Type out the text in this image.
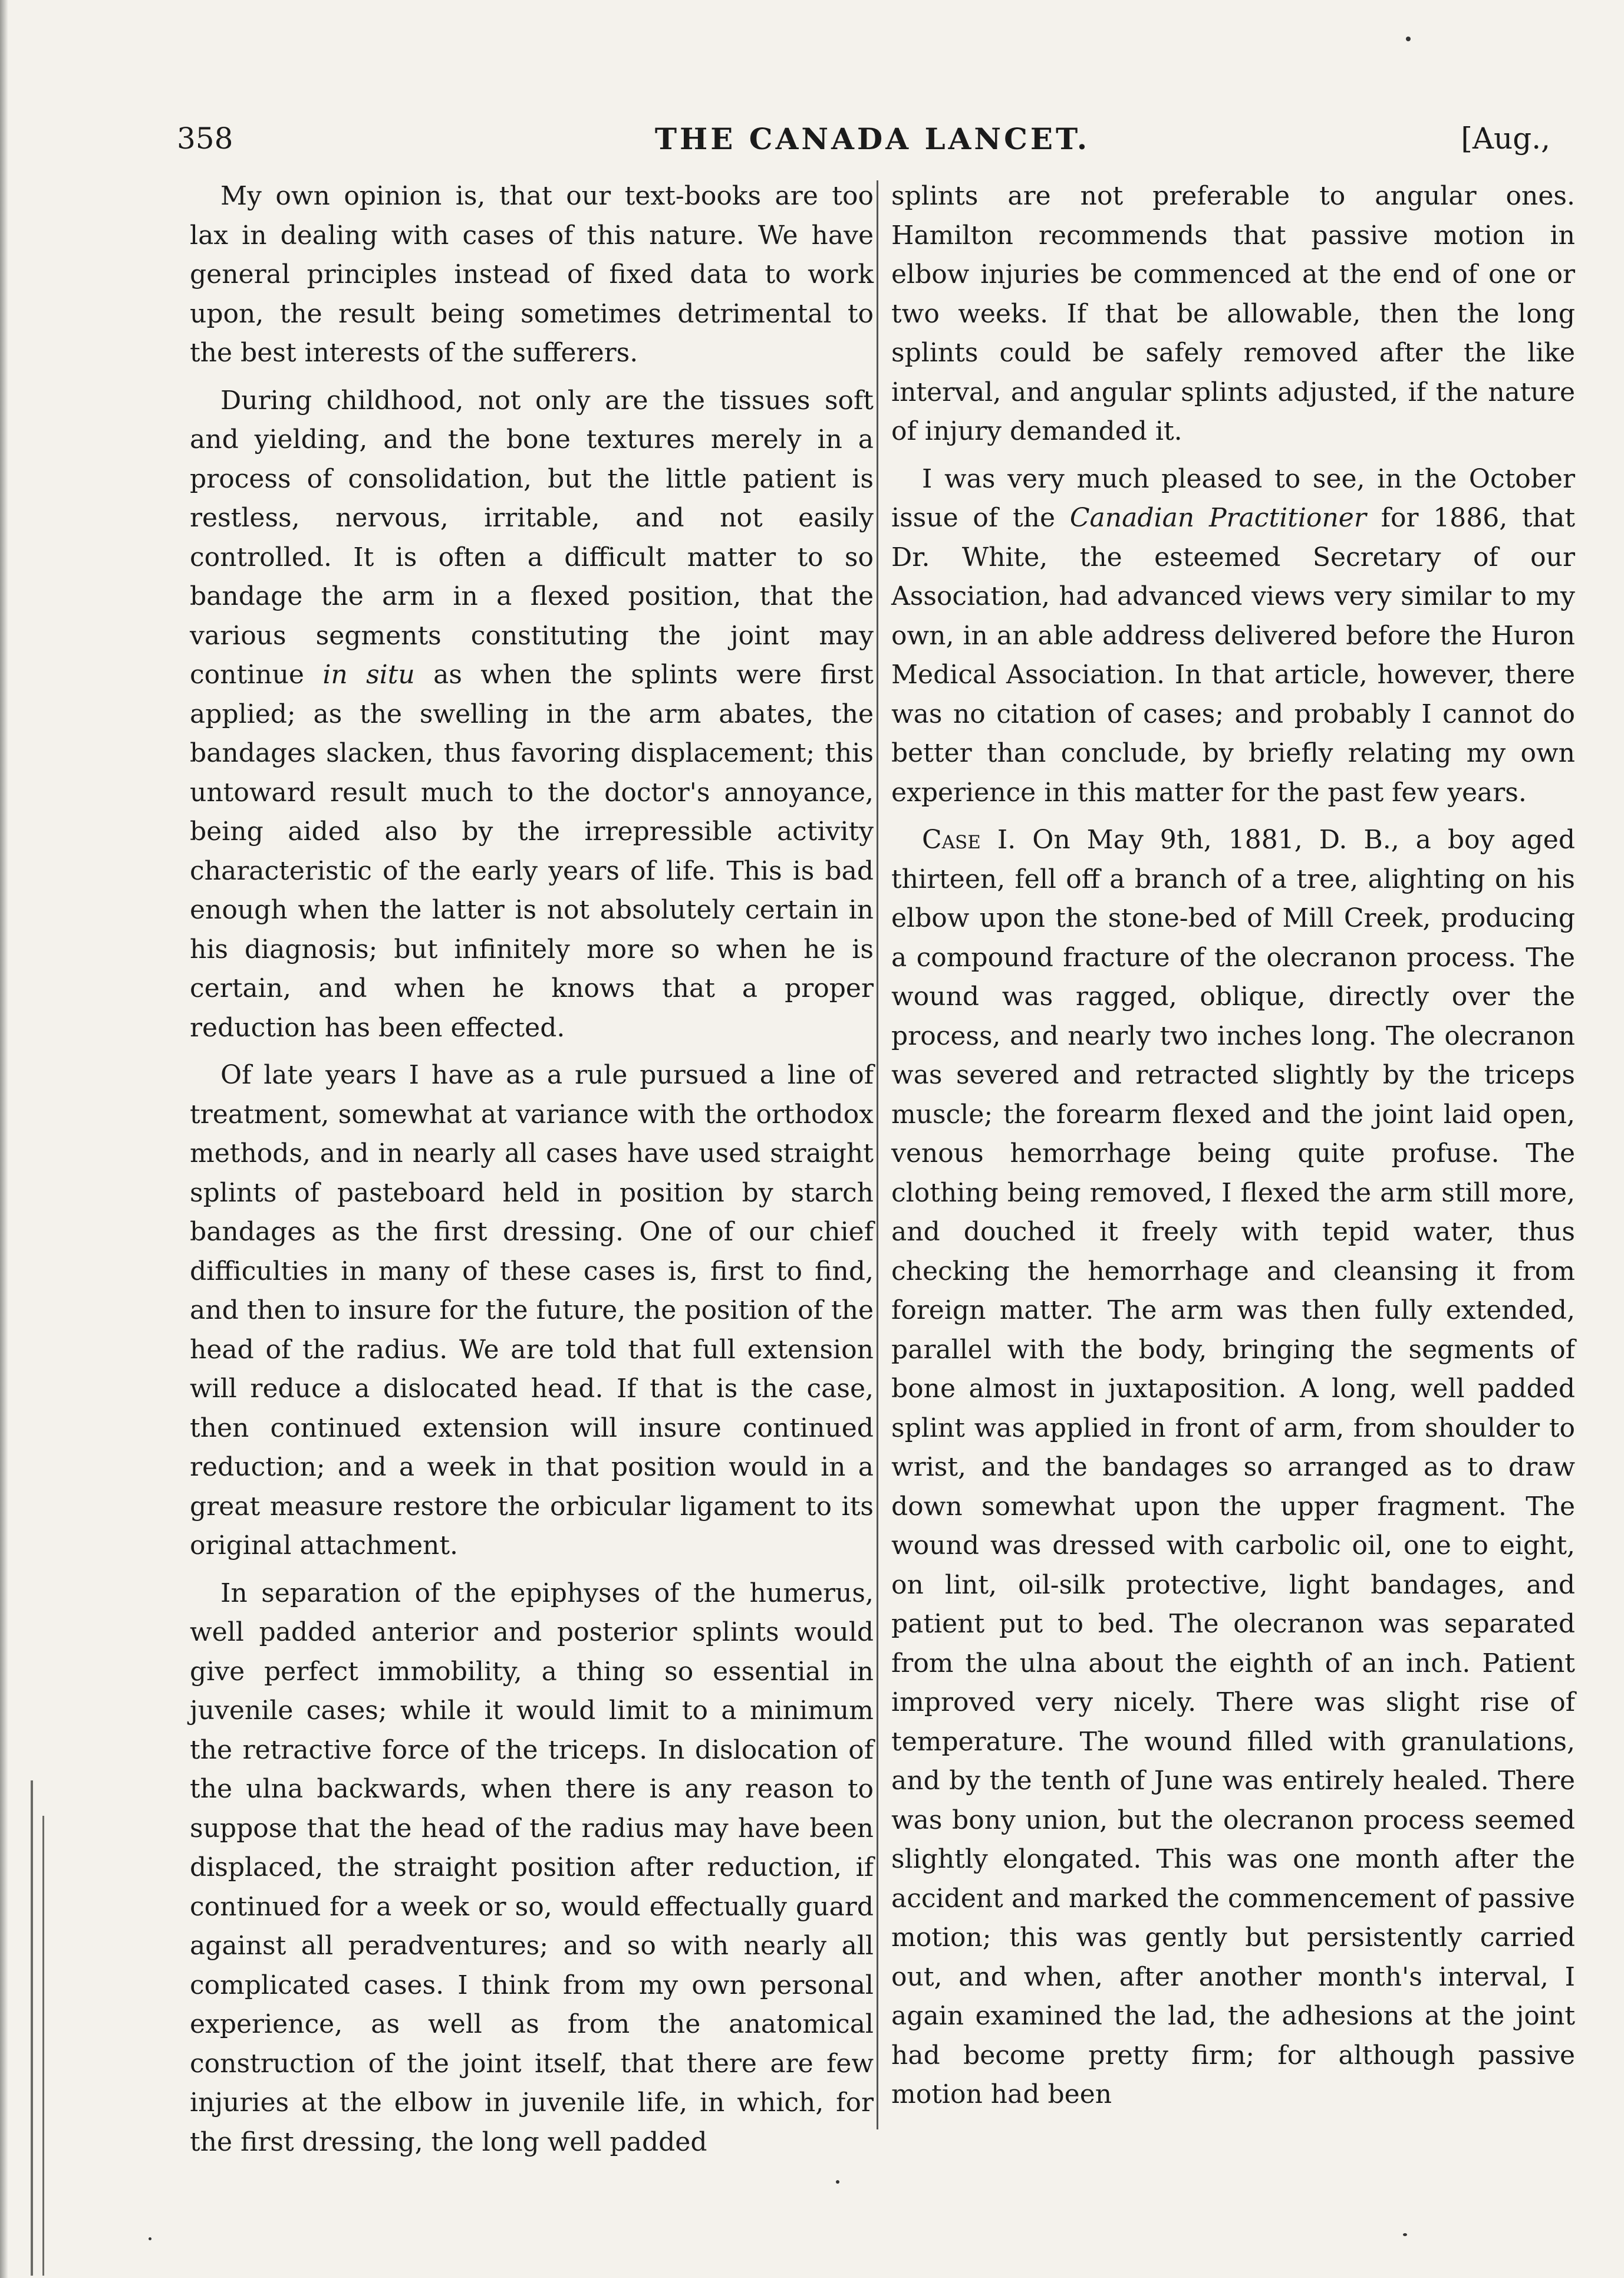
358	THE CANADA LANCET.	[Aug.,

My own opinion is, that our text-books are too lax in dealing with cases of this nature. We have general principles instead of fixed data to work upon, the result being sometimes detrimental to the best interests of the sufferers.

During childhood, not only are the tissues soft and yielding, and the bone textures merely in a process of consolidation, but the little patient is restless, nervous, irritable, and not easily controlled. It is often a difficult matter to so bandage the arm in a flexed position, that the various segments constituting the joint may continue in situ as when the splints were first applied; as the swelling in the arm abates, the bandages slacken, thus favoring displacement; this untoward result much to the doctor's annoyance, being aided also by the irrepressible activity characteristic of the early years of life. This is bad enough when the latter is not absolutely certain in his diagnosis; but infinitely more so when he is certain, and when he knows that a proper reduction has been effected.

Of late years I have as a rule pursued a line of treatment, somewhat at variance with the orthodox methods, and in nearly all cases have used straight splints of pasteboard held in position by starch bandages as the first dressing. One of our chief difficulties in many of these cases is, first to find, and then to insure for the future, the position of the head of the radius. We are told that full extension will reduce a dislocated head. If that is the case, then continued extension will insure continued reduction; and a week in that position would in a great measure restore the orbicular ligament to its original attachment.

In separation of the epiphyses of the humerus, well padded anterior and posterior splints would give perfect immobility, a thing so essential in juvenile cases; while it would limit to a minimum the retractive force of the triceps. In dislocation of the ulna backwards, when there is any reason to suppose that the head of the radius may have been displaced, the straight position after reduction, if continued for a week or so, would effectually guard against all peradventures; and so with nearly all complicated cases. I think from my own personal experience, as well as from the anatomical construction of the joint itself, that there are few injuries at the elbow in juvenile life, in which, for the first dressing, the long well padded

splints are not preferable to angular ones. Hamilton recommends that passive motion in elbow injuries be commenced at the end of one or two weeks. If that be allowable, then the long splints could be safely removed after the like interval, and angular splints adjusted, if the nature of injury demanded it.

I was very much pleased to see, in the October issue of the Canadian Practitioner for 1886, that Dr. White, the esteemed Secretary of our Association, had advanced views very similar to my own, in an able address delivered before the Huron Medical Association. In that article, however, there was no citation of cases; and probably I cannot do better than conclude, by briefly relating my own experience in this matter for the past few years.

Case I. On May 9th, 1881, D. B., a boy aged thirteen, fell off a branch of a tree, alighting on his elbow upon the stone-bed of Mill Creek, producing a compound fracture of the olecranon process. The wound was ragged, oblique, directly over the process, and nearly two inches long. The olecranon was severed and retracted slightly by the triceps muscle; the forearm flexed and the joint laid open, venous hemorrhage being quite profuse. The clothing being removed, I flexed the arm still more, and douched it freely with tepid water, thus checking the hemorrhage and cleansing it from foreign matter. The arm was then fully extended, parallel with the body, bringing the segments of bone almost in juxtaposition. A long, well padded splint was applied in front of arm, from shoulder to wrist, and the bandages so arranged as to draw down somewhat upon the upper fragment. The wound was dressed with carbolic oil, one to eight, on lint, oil-silk protective, light bandages, and patient put to bed. The olecranon was separated from the ulna about the eighth of an inch. Patient improved very nicely. There was slight rise of temperature. The wound filled with granulations, and by the tenth of June was entirely healed. There was bony union, but the olecranon process seemed slightly elongated. This was one month after the accident and marked the commencement of passive motion; this was gently but persistently carried out, and when, after another month's interval, I again examined the lad, the adhesions at the joint had become pretty firm; for although passive motion had been
